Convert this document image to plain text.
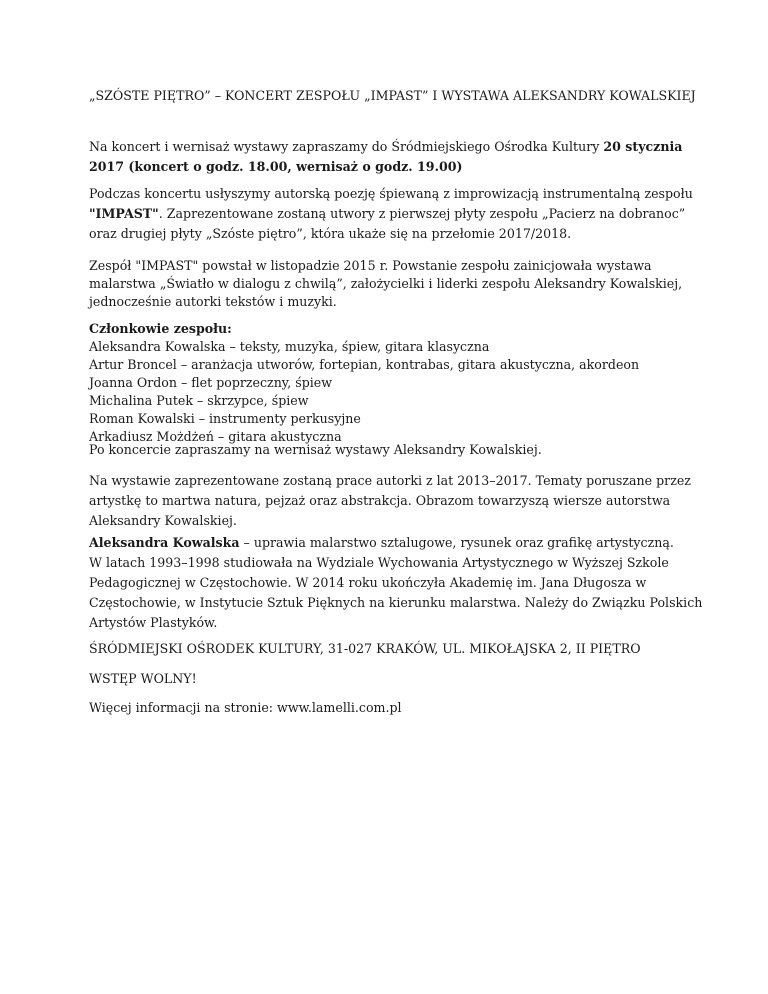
„SZÓSTE PIĘTRO” – KONCERT ZESPOŁU „IMPAST” I WYSTAWA ALEKSANDRY KOWALSKIEJ

Na koncert i wernisaż wystawy zapraszamy do Śródmiejskiego Ośrodka Kultury 20 stycznia
2017 (koncert o godz. 18.00, wernisaż o godz. 19.00)

Podczas koncertu usłyszymy autorską poezję śpiewaną z improwizacją instrumentalną zespołu
"IMPAST". Zaprezentowane zostaną utwory z pierwszej płyty zespołu „Pacierz na dobranoc”
oraz drugiej płyty „Szóste piętro”, która ukaże się na przełomie 2017/2018.

Zespół "IMPAST" powstał w listopadzie 2015 r. Powstanie zespołu zainicjowała wystawa
malarstwa „Światło w dialogu z chwilą”, założycielki i liderki zespołu Aleksandry Kowalskiej,
jednocześnie autorki tekstów i muzyki.

Członkowie zespołu:
Aleksandra Kowalska – teksty, muzyka, śpiew, gitara klasyczna
Artur Broncel – aranżacja utworów, fortepian, kontrabas, gitara akustyczna, akordeon
Joanna Ordon – flet poprzeczny, śpiew
Michalina Putek – skrzypce, śpiew
Roman Kowalski – instrumenty perkusyjne
Arkadiusz Możdżeń – gitara akustyczna

Po koncercie zapraszamy na wernisaż wystawy Aleksandry Kowalskiej.

Na wystawie zaprezentowane zostaną prace autorki z lat 2013–2017. Tematy poruszane przez
artystkę to martwa natura, pejzaż oraz abstrakcja. Obrazom towarzyszą wiersze autorstwa
Aleksandry Kowalskiej.

Aleksandra Kowalska – uprawia malarstwo sztalugowe, rysunek oraz grafikę artystyczną.
W latach 1993–1998 studiowała na Wydziale Wychowania Artystycznego w Wyższej Szkole
Pedagogicznej w Częstochowie. W 2014 roku ukończyła Akademię im. Jana Długosza w
Częstochowie, w Instytucie Sztuk Pięknych na kierunku malarstwa. Należy do Związku Polskich
Artystów Plastyków.

ŚRÓDMIEJSKI OŚRODEK KULTURY, 31-027 KRAKÓW, UL. MIKOŁAJSKA 2, II PIĘTRO

WSTĘP WOLNY!

Więcej informacji na stronie: www.lamelli.com.pl
